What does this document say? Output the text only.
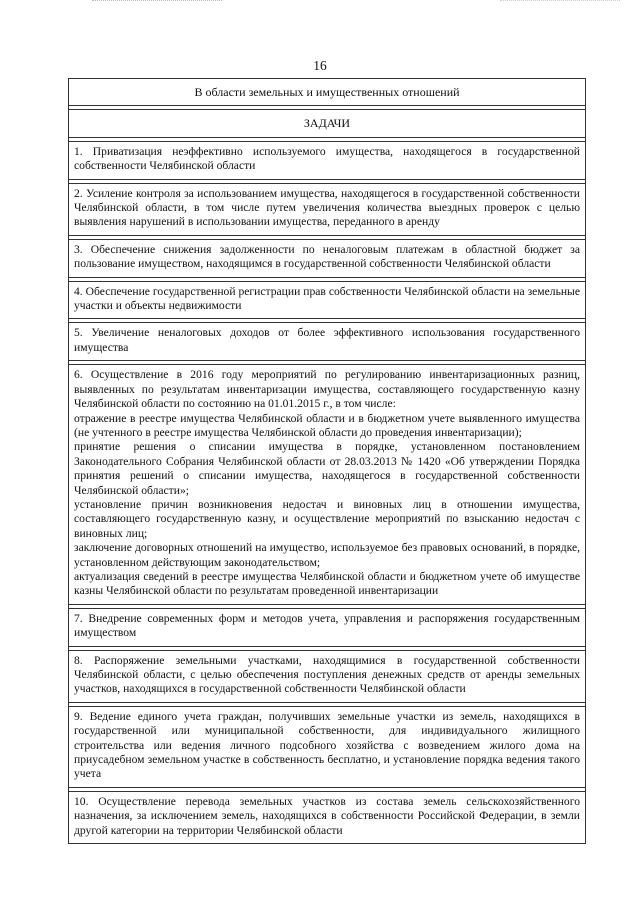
16
В области земельных и имущественных отношений

ЗАДАЧИ

1. Приватизация неэффективно используемого имущества, находящегося в государственной собственности Челябинской области

2. Усиление контроля за использованием имущества, находящегося в государственной собственности Челябинской области, в том числе путем увеличения количества выездных проверок с целью выявления нарушений в использовании имущества, переданного в аренду

3. Обеспечение снижения задолженности по неналоговым платежам в областной бюджет за пользование имуществом, находящимся в государственной собственности Челябинской области

4. Обеспечение государственной регистрации прав собственности Челябинской области на земельные участки и объекты недвижимости

5. Увеличение неналоговых доходов от более эффективного использования государственного имущества

6. Осуществление в 2016 году мероприятий по регулированию инвентаризационных разниц, выявленных по результатам инвентаризации имущества, составляющего государственную казну Челябинской области по состоянию на 01.01.2015 г., в том числе:
отражение в реестре имущества Челябинской области и в бюджетном учете выявленного имущества (не учтенного в реестре имущества Челябинской области до проведения инвентаризации);
принятие решения о списании имущества в порядке, установленном постановлением Законодательного Собрания Челябинской области от 28.03.2013 № 1420 «Об утверждении Порядка принятия решений о списании имущества, находящегося в государственной собственности Челябинской области»;
установление причин возникновения недостач и виновных лиц в отношении имущества, составляющего государственную казну, и осуществление мероприятий по взысканию недостач с виновных лиц;
заключение договорных отношений на имущество, используемое без правовых оснований, в порядке, установленном действующим законодательством;
актуализация сведений в реестре имущества Челябинской области и бюджетном учете об имуществе казны Челябинской области по результатам проведенной инвентаризации

7. Внедрение современных форм и методов учета, управления и распоряжения государственным имуществом

8. Распоряжение земельными участками, находящимися в государственной собственности Челябинской области, с целью обеспечения поступления денежных средств от аренды земельных участков, находящихся в государственной собственности Челябинской области

9. Ведение единого учета граждан, получивших земельные участки из земель, находящихся в государственной или муниципальной собственности, для индивидуального жилищного строительства или ведения личного подсобного хозяйства с возведением жилого дома на приусадебном земельном участке в собственность бесплатно, и установление порядка ведения такого учета

10. Осуществление перевода земельных участков из состава земель сельскохозяйственного назначения, за исключением земель, находящихся в собственности Российской Федерации, в земли другой категории на территории Челябинской области
